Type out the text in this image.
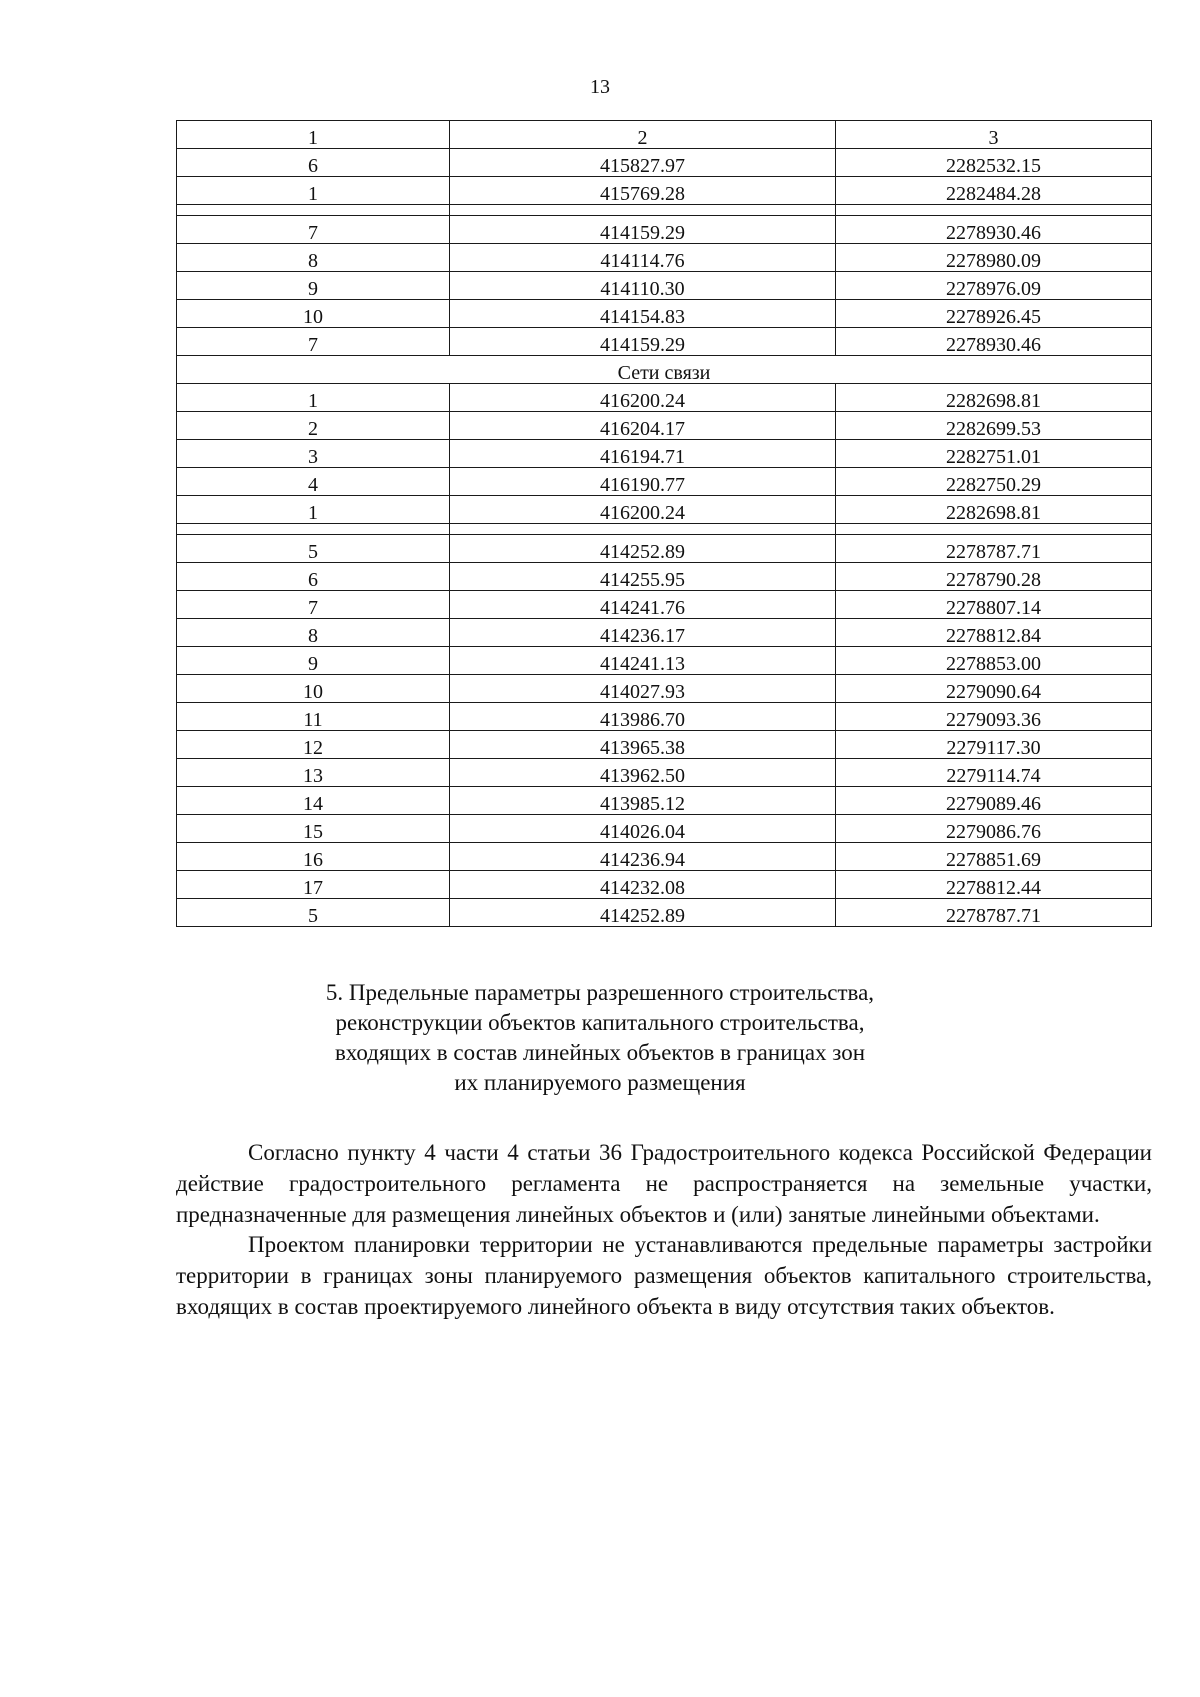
13
1	2	3
6	415827.97	2282532.15
1	415769.28	2282484.28

7	414159.29	2278930.46
8	414114.76	2278980.09
9	414110.30	2278976.09
10	414154.83	2278926.45
7	414159.29	2278930.46
Сети связи		
1	416200.24	2282698.81
2	416204.17	2282699.53
3	416194.71	2282751.01
4	416190.77	2282750.29
1	416200.24	2282698.81

5	414252.89	2278787.71
6	414255.95	2278790.28
7	414241.76	2278807.14
8	414236.17	2278812.84
9	414241.13	2278853.00
10	414027.93	2279090.64
11	413986.70	2279093.36
12	413965.38	2279117.30
13	413962.50	2279114.74
14	413985.12	2279089.46
15	414026.04	2279086.76
16	414236.94	2278851.69
17	414232.08	2278812.44
5	414252.89	2278787.71
5. Предельные параметры разрешенного строительства,
реконструкции объектов капитального строительства,
входящих в состав линейных объектов в границах зон
их планируемого размещения

Согласно пункту 4 части 4 статьи 36 Градостроительного кодекса Российской Федерации действие градостроительного регламента не распространяется на земельные участки, предназначенные для размещения линейных объектов и (или) занятые линейными объектами.

Проектом планировки территории не устанавливаются предельные параметры застройки территории в границах зоны планируемого размещения объектов капитального строительства, входящих в состав проектируемого линейного объекта в виду отсутствия таких объектов.
